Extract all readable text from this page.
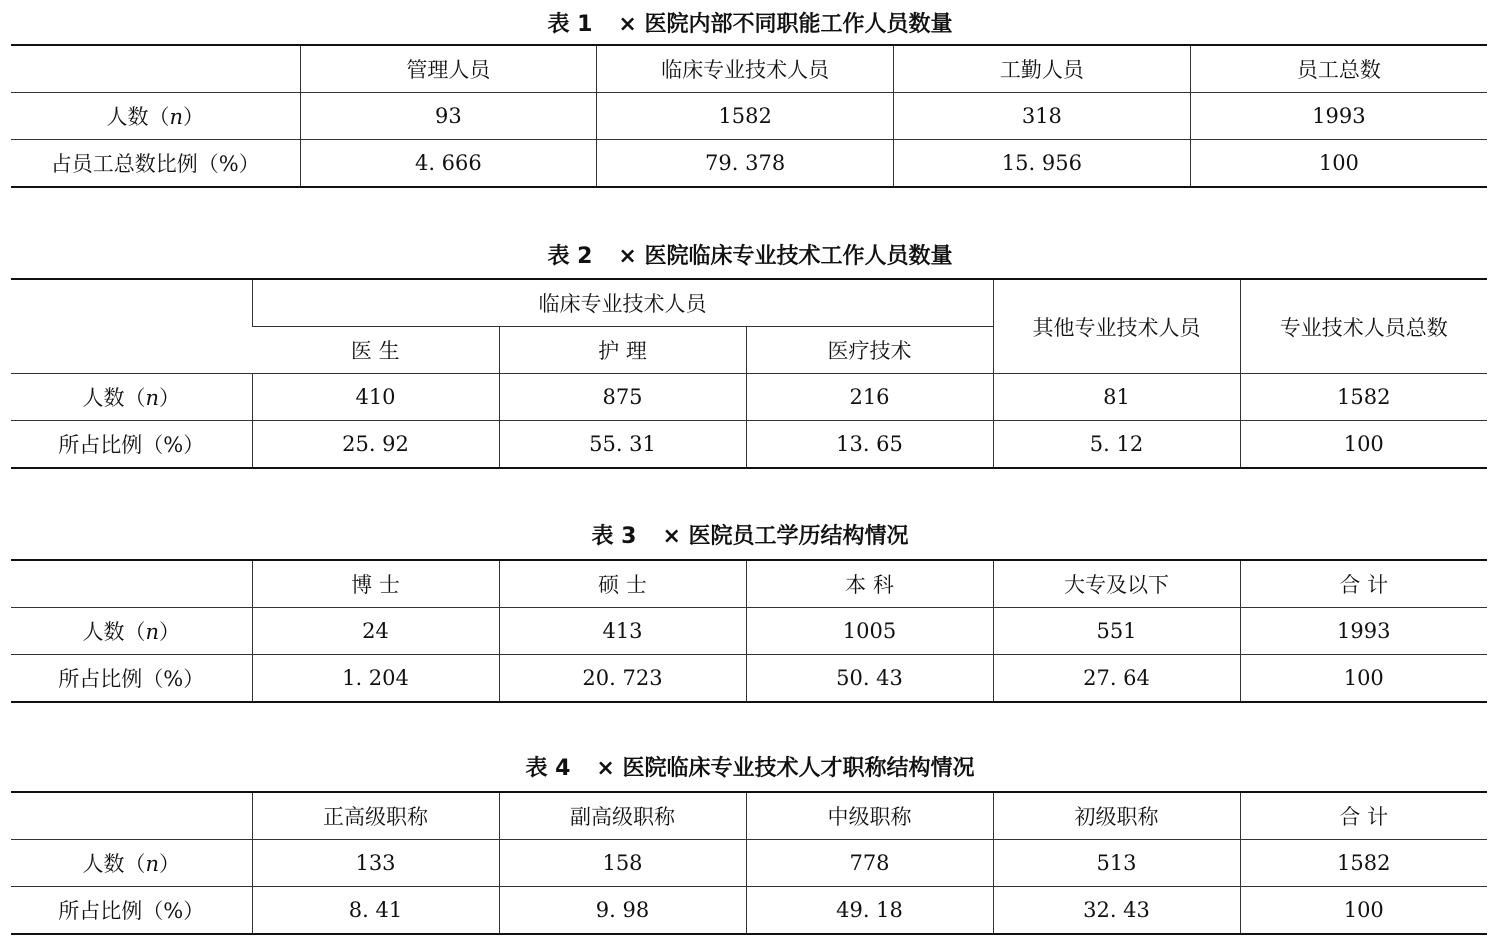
表 1 × 医院内部不同职能工作人员数量
	管理人员	临床专业技术人员	工勤人员	员工总数
人数（n）	93	1582	318	1993
占员工总数比例（%）	4. 666	79. 378	15. 956	100
表 2 × 医院临床专业技术工作人员数量
	临床专业技术人员			其他专业技术人员	专业技术人员总数
	医 生	护 理	医疗技术		
人数（n）	410	875	216	81	1582
所占比例（%）	25. 92	55. 31	13. 65	5. 12	100
表 3 × 医院员工学历结构情况
	博 士	硕 士	本 科	大专及以下	合 计
人数（n）	24	413	1005	551	1993
所占比例（%）	1. 204	20. 723	50. 43	27. 64	100
表 4 × 医院临床专业技术人才职称结构情况
	正高级职称	副高级职称	中级职称	初级职称	合 计
人数（n）	133	158	778	513	1582
所占比例（%）	8. 41	9. 98	49. 18	32. 43	100
